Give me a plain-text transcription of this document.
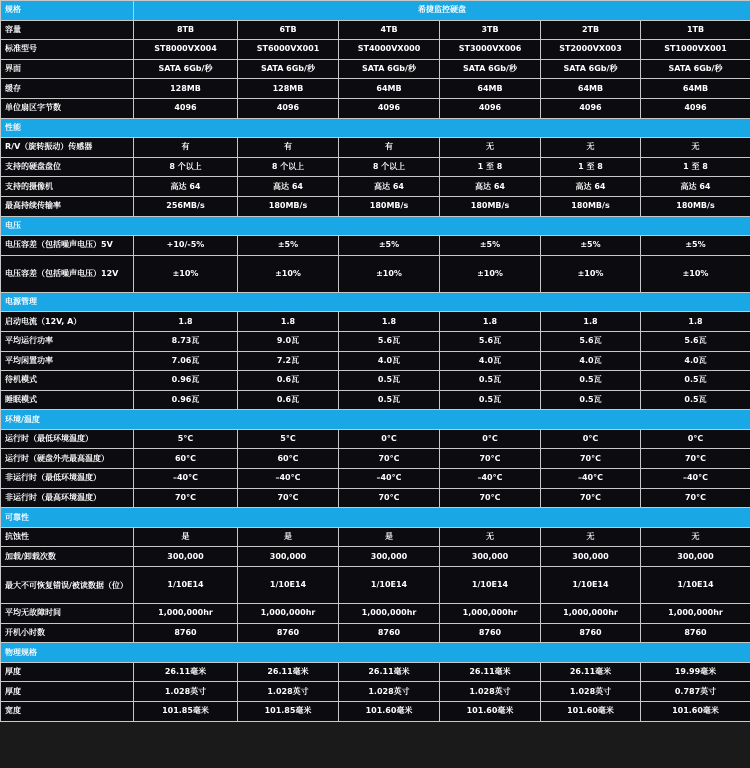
规格	希捷监控硬盘					
容量	8TB	6TB	4TB	3TB	2TB	1TB
标准型号	ST8000VX004	ST6000VX001	ST4000VX000	ST3000VX006	ST2000VX003	ST1000VX001
界面	SATA 6Gb/秒	SATA 6Gb/秒	SATA 6Gb/秒	SATA 6Gb/秒	SATA 6Gb/秒	SATA 6Gb/秒
缓存	128MB	128MB	64MB	64MB	64MB	64MB
单位扇区字节数	4096	4096	4096	4096	4096	4096
性能						
R/V（旋转振动）传感器	有	有	有	无	无	无
支持的硬盘盘位	8 个以上	8 个以上	8 个以上	1 至 8	1 至 8	1 至 8
支持的摄像机	高达 64	高达 64	高达 64	高达 64	高达 64	高达 64
最高持续传输率	256MB/s	180MB/s	180MB/s	180MB/s	180MB/s	180MB/s
电压						
电压容差（包括噪声电压）5V	+10/-5%	±5%	±5%	±5%	±5%	±5%
电压容差（包括噪声电压）12V	±10%	±10%	±10%	±10%	±10%	±10%
电源管理						
启动电流（12V, A）	1.8	1.8	1.8	1.8	1.8	1.8
平均运行功率	8.73瓦	9.0瓦	5.6瓦	5.6瓦	5.6瓦	5.6瓦
平均闲置功率	7.06瓦	7.2瓦	4.0瓦	4.0瓦	4.0瓦	4.0瓦
待机模式	0.96瓦	0.6瓦	0.5瓦	0.5瓦	0.5瓦	0.5瓦
睡眠模式	0.96瓦	0.6瓦	0.5瓦	0.5瓦	0.5瓦	0.5瓦
环境/温度						
运行时（最低环境温度）	5°C	5°C	0°C	0°C	0°C	0°C
运行时（硬盘外壳最高温度）	60°C	60°C	70°C	70°C	70°C	70°C
非运行时（最低环境温度）	–40°C	–40°C	–40°C	–40°C	–40°C	–40°C
非运行时（最高环境温度）	70°C	70°C	70°C	70°C	70°C	70°C
可靠性						
抗蚀性	是	是	是	无	无	无
加载/卸载次数	300,000	300,000	300,000	300,000	300,000	300,000
最大不可恢复错误/被读数据（位）	1/10E14	1/10E14	1/10E14	1/10E14	1/10E14	1/10E14
平均无故障时间	1,000,000hr	1,000,000hr	1,000,000hr	1,000,000hr	1,000,000hr	1,000,000hr
开机小时数	8760	8760	8760	8760	8760	8760
物理规格						
厚度	26.11毫米	26.11毫米	26.11毫米	26.11毫米	26.11毫米	19.99毫米
厚度	1.028英寸	1.028英寸	1.028英寸	1.028英寸	1.028英寸	0.787英寸
宽度	101.85毫米	101.85毫米	101.60毫米	101.60毫米	101.60毫米	101.60毫米
